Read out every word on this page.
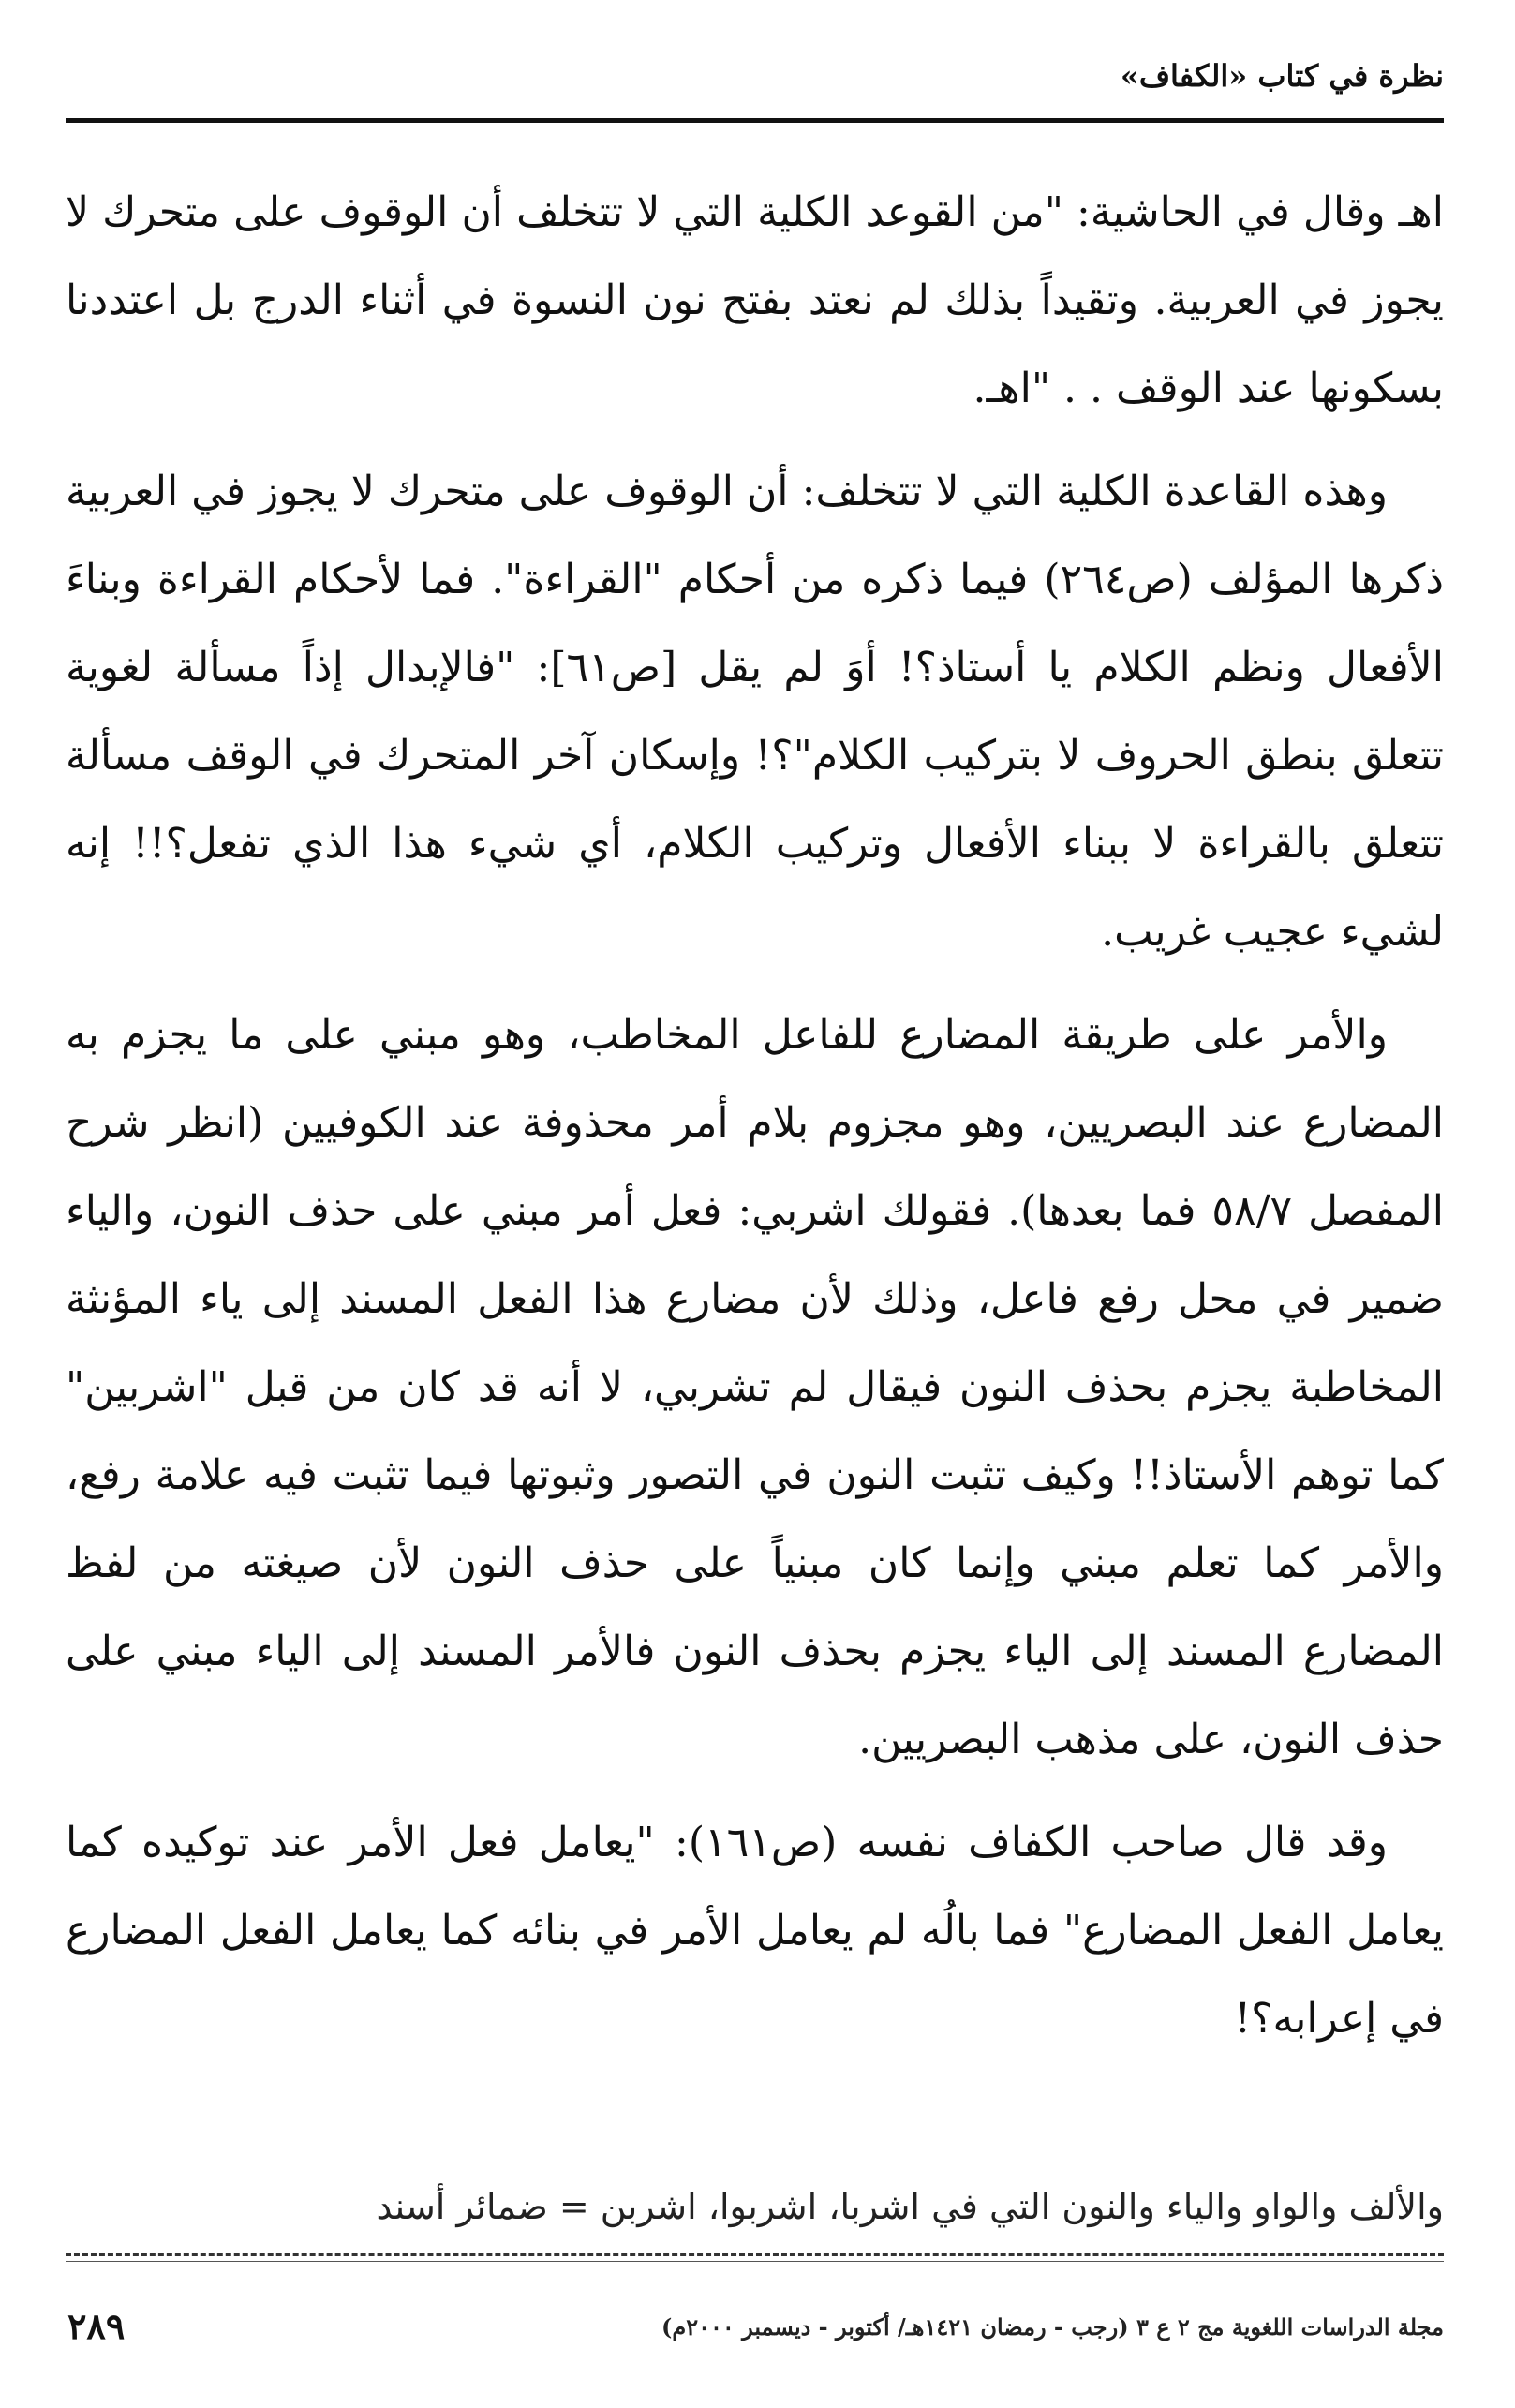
نظرة في كتاب «الكفاف»

اهـ وقال في الحاشية: "من القوعد الكلية التي لا تتخلف أن الوقوف على متحرك لا يجوز في العربية. وتقيداً بذلك لم نعتد بفتح نون النسوة في أثناء الدرج بل اعتددنا بسكونها عند الوقف . . "اهـ.

وهذه القاعدة الكلية التي لا تتخلف: أن الوقوف على متحرك لا يجوز في العربية ذكرها المؤلف (ص٢٦٤) فيما ذكره من أحكام "القراءة". فما لأحكام القراءة وبناءَ الأفعال ونظم الكلام يا أستاذ؟! أوَ لم يقل [ص٦١]: "فالإبدال إذاً مسألة لغوية تتعلق بنطق الحروف لا بتركيب الكلام"؟! وإسكان آخر المتحرك في الوقف مسألة تتعلق بالقراءة لا ببناء الأفعال وتركيب الكلام، أي شيء هذا الذي تفعل؟!! إنه لشيء عجيب غريب.

والأمر على طريقة المضارع للفاعل المخاطب، وهو مبني على ما يجزم به المضارع عند البصريين، وهو مجزوم بلام أمر محذوفة عند الكوفيين (انظر شرح المفصل ٥٨/٧ فما بعدها). فقولك اشربي: فعل أمر مبني على حذف النون، والياء ضمير في محل رفع فاعل، وذلك لأن مضارع هذا الفعل المسند إلى ياء المؤنثة المخاطبة يجزم بحذف النون فيقال لم تشربي، لا أنه قد كان من قبل "اشربين" كما توهم الأستاذ!! وكيف تثبت النون في التصور وثبوتها فيما تثبت فيه علامة رفع، والأمر كما تعلم مبني وإنما كان مبنياً على حذف النون لأن صيغته من لفظ المضارع المسند إلى الياء يجزم بحذف النون فالأمر المسند إلى الياء مبني على حذف النون، على مذهب البصريين.

وقد قال صاحب الكفاف نفسه (ص١٦١): "يعامل فعل الأمر عند توكيده كما يعامل الفعل المضارع" فما بالُه لم يعامل الأمر في بنائه كما يعامل الفعل المضارع في إعرابه؟!

والألف والواو والياء والنون التي في اشربا، اشربوا، اشربن = ضمائر أسند
مجلة الدراسات اللغوية مج ٢ ع ٣ (رجب - رمضان ١٤٢١هـ/ أكتوبر - ديسمبر ٢٠٠٠م)
٢٨٩
